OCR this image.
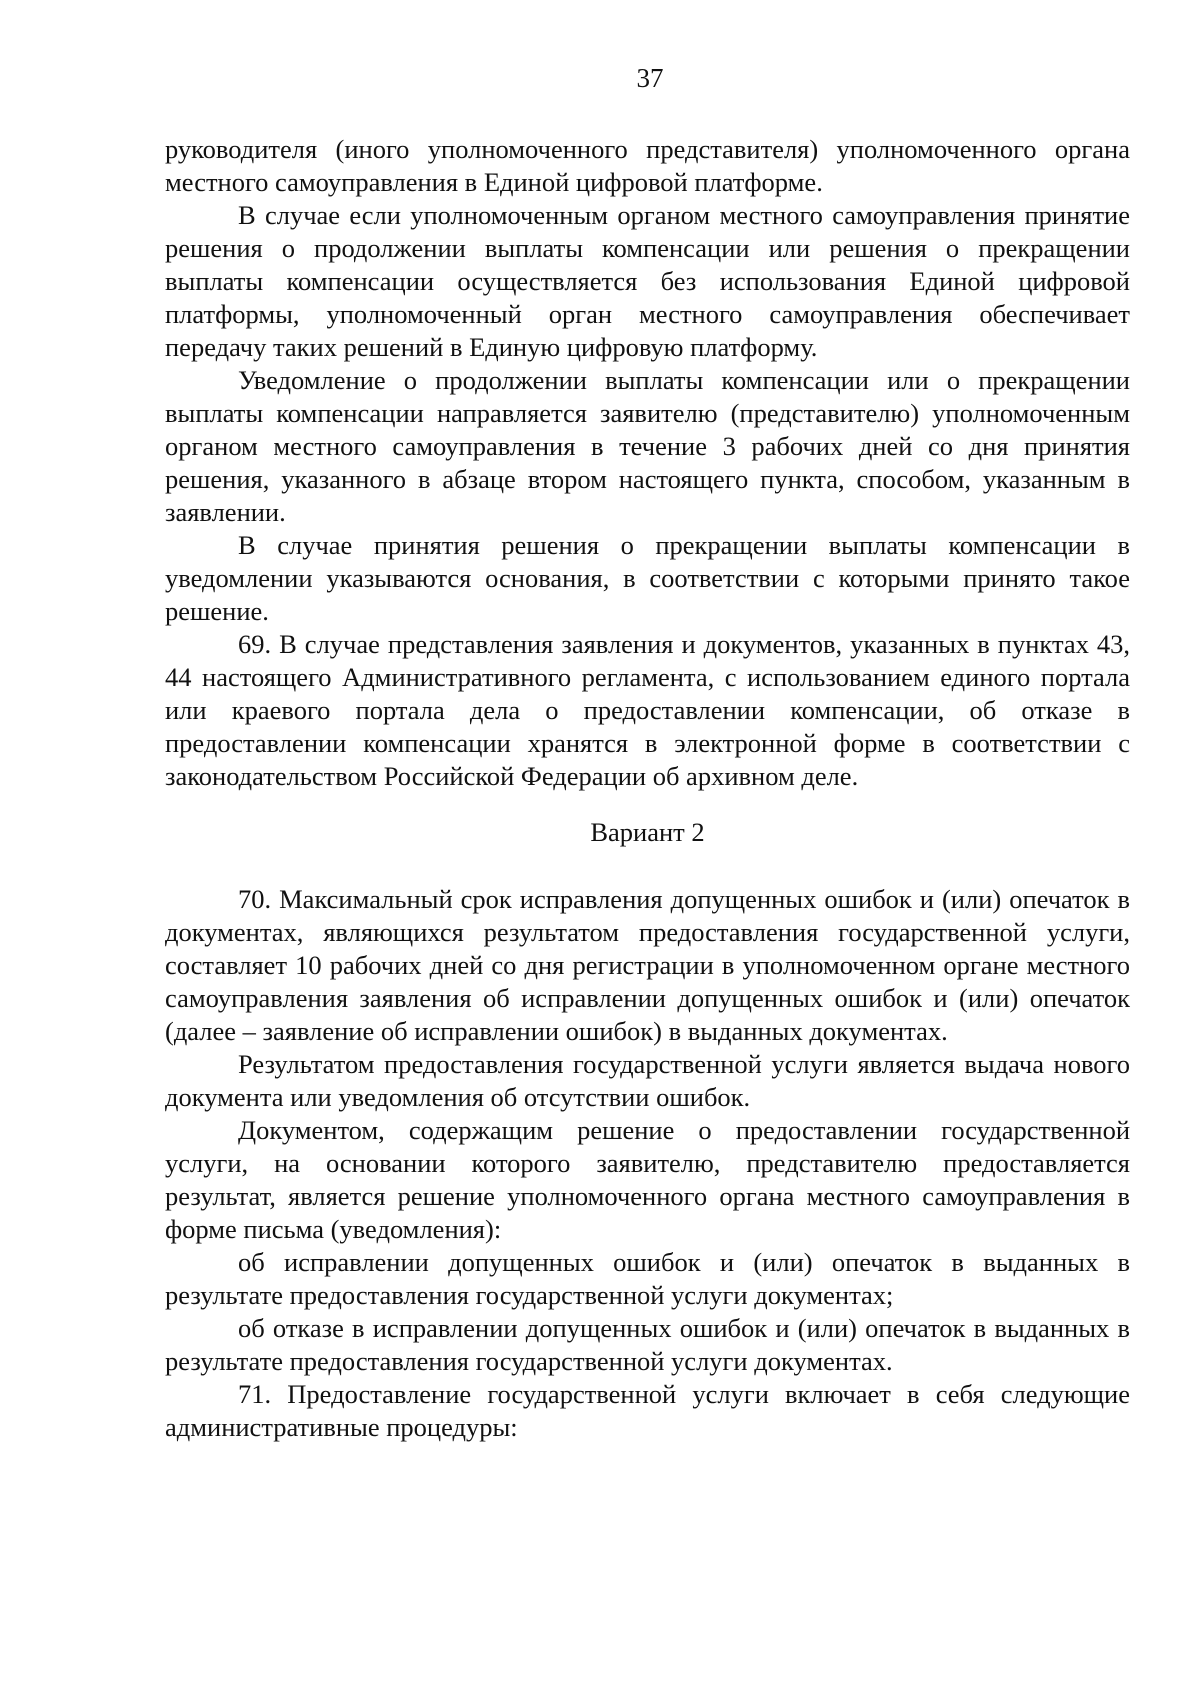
37

руководителя (иного уполномоченного представителя) уполномоченного органа местного самоуправления в Единой цифровой платформе.

В случае если уполномоченным органом местного самоуправления принятие решения о продолжении выплаты компенсации или решения о прекращении выплаты компенсации осуществляется без использования Единой цифровой платформы, уполномоченный орган местного самоуправления обеспечивает передачу таких решений в Единую цифровую платформу.

Уведомление о продолжении выплаты компенсации или о прекращении выплаты компенсации направляется заявителю (представителю) уполномоченным органом местного самоуправления в течение 3 рабочих дней со дня принятия решения, указанного в абзаце втором настоящего пункта, способом, указанным в заявлении.

В случае принятия решения о прекращении выплаты компенсации в уведомлении указываются основания, в соответствии с которыми принято такое решение.

69. В случае представления заявления и документов, указанных в пунктах 43, 44 настоящего Административного регламента, с использованием единого портала или краевого портала дела о предоставлении компенсации, об отказе в предоставлении компенсации хранятся в электронной форме в соответствии с законодательством Российской Федерации об архивном деле.

Вариант 2

70. Максимальный срок исправления допущенных ошибок и (или) опечаток в документах, являющихся результатом предоставления государственной услуги, составляет 10 рабочих дней со дня регистрации в уполномоченном органе местного самоуправления заявления об исправлении допущенных ошибок и (или) опечаток (далее – заявление об исправлении ошибок) в выданных документах.

Результатом предоставления государственной услуги является выдача нового документа или уведомления об отсутствии ошибок.

Документом, содержащим решение о предоставлении государственной услуги, на основании которого заявителю, представителю предоставляется результат, является решение уполномоченного органа местного самоуправления в форме письма (уведомления):

об исправлении допущенных ошибок и (или) опечаток в выданных в результате предоставления государственной услуги документах;

об отказе в исправлении допущенных ошибок и (или) опечаток в выданных в результате предоставления государственной услуги документах.

71. Предоставление государственной услуги включает в себя следующие административные процедуры:
